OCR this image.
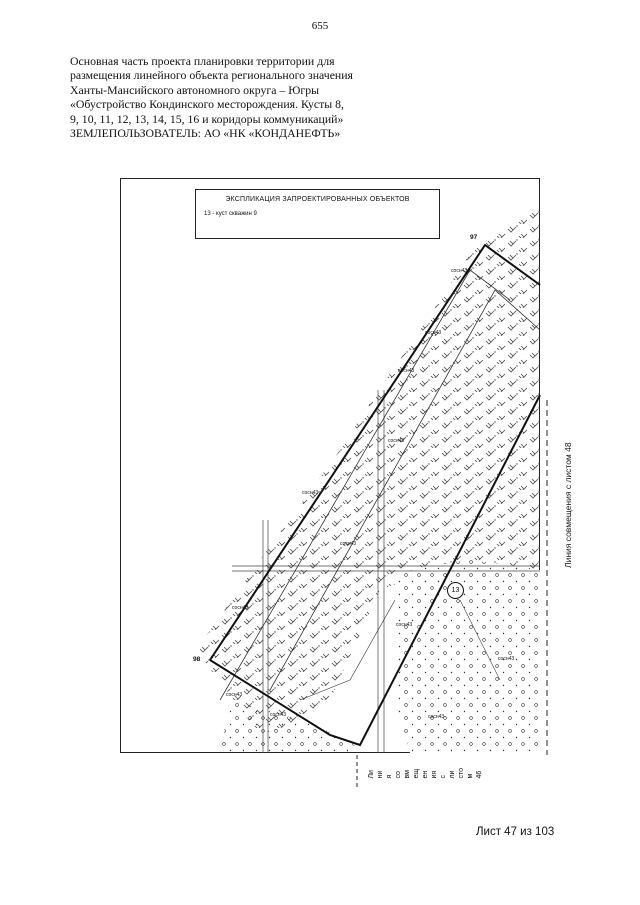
655
Основная часть проекта планировки территории для
размещения линейного объекта регионального значения
Ханты-Мансийского автономного округа – Югры
«Обустройство Кондинского месторождения. Кусты 8,
9, 10, 11, 12, 13, 14, 15, 16 и коридоры коммуникаций»
ЗЕМЛЕПОЛЬЗОВАТЕЛЬ: АО «НК «КОНДАНЕФТЬ»
ЭКСПЛИКАЦИЯ ЗАПРОЕКТИРОВАННЫХ ОБЪЕКТОВ
13 - куст скважин 9
97
98
13
сосн43
сосн43
сосн43
сосн43
сосн43
сосн43
сосн43
сосн43
сосн43
сосн43	сосн43
сосн43
Линия совмещения с листом 48
Ли ни я со вм ещ ен ия с ли сто м 46
Лист 47 из 103
